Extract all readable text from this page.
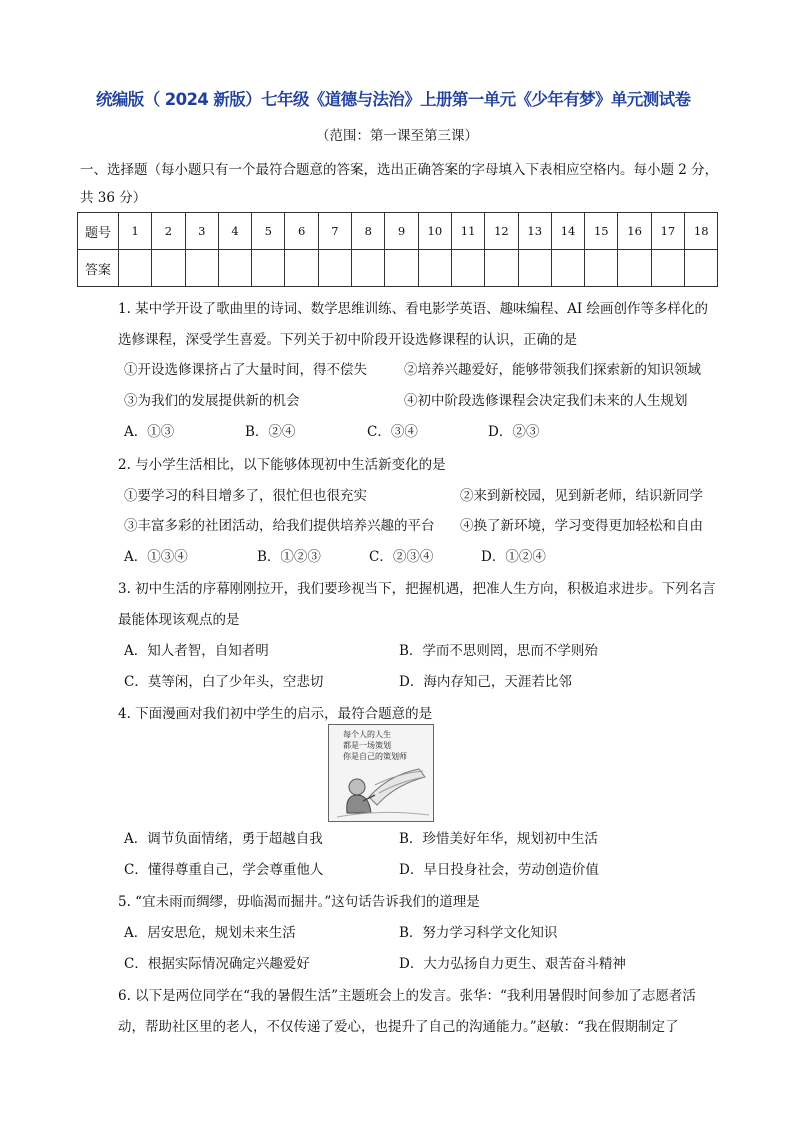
统编版（ 2024 新版）七年级《道德与法治》上册第一单元《少年有梦》单元测试卷
（范围：第一课至第三课）
一、选择题（每小题只有一个最符合题意的答案，选出正确答案的字母填入下表相应空格内。每小题 2 分，
共 36 分）
题号	1	2	3	4	5	6	7	8	9	10	11	12	13	14	15	16	17	18
答案																		
1. 某中学开设了歌曲里的诗词、数学思维训练、看电影学英语、趣味编程、AI 绘画创作等多样化的
选修课程，深受学生喜爱。下列关于初中阶段开设选修课程的认识，正确的是
①开设选修课挤占了大量时间，得不偿失	②培养兴趣爱好，能够带领我们探索新的知识领域
③为我们的发展提供新的机会	④初中阶段选修课程会决定我们未来的人生规划
A．①③	B．②④	C．③④	D．②③
2. 与小学生活相比，以下能够体现初中生活新变化的是
①要学习的科目增多了，很忙但也很充实	②来到新校园，见到新老师，结识新同学
③丰富多彩的社团活动，给我们提供培养兴趣的平台 ④换了新环境，学习变得更加轻松和自由
A．①③④	B．①②③	C．②③④	D．①②④
3. 初中生活的序幕刚刚拉开，我们要珍视当下，把握机遇，把准人生方向，积极追求进步。下列名言
最能体现该观点的是
A．知人者智，自知者明	B．学而不思则罔，思而不学则殆
C．莫等闲，白了少年头，空悲切	D．海内存知己，天涯若比邻
4. 下面漫画对我们初中学生的启示，最符合题意的是
每个人的人生
都是一场策划
你是自己的策划师
A．调节负面情绪，勇于超越自我	B．珍惜美好年华，规划初中生活
C．懂得尊重自己，学会尊重他人	D．早日投身社会，劳动创造价值
5. “宜未雨而绸缪，毋临渴而掘井。”这句话告诉我们的道理是
A．居安思危，规划未来生活	B．努力学习科学文化知识
C．根据实际情况确定兴趣爱好	D．大力弘扬自力更生、艰苦奋斗精神
6. 以下是两位同学在“我的暑假生活”主题班会上的发言。张华：“我利用暑假时间参加了志愿者活
动，帮助社区里的老人，不仅传递了爱心，也提升了自己的沟通能力。”赵敏：“我在假期制定了
